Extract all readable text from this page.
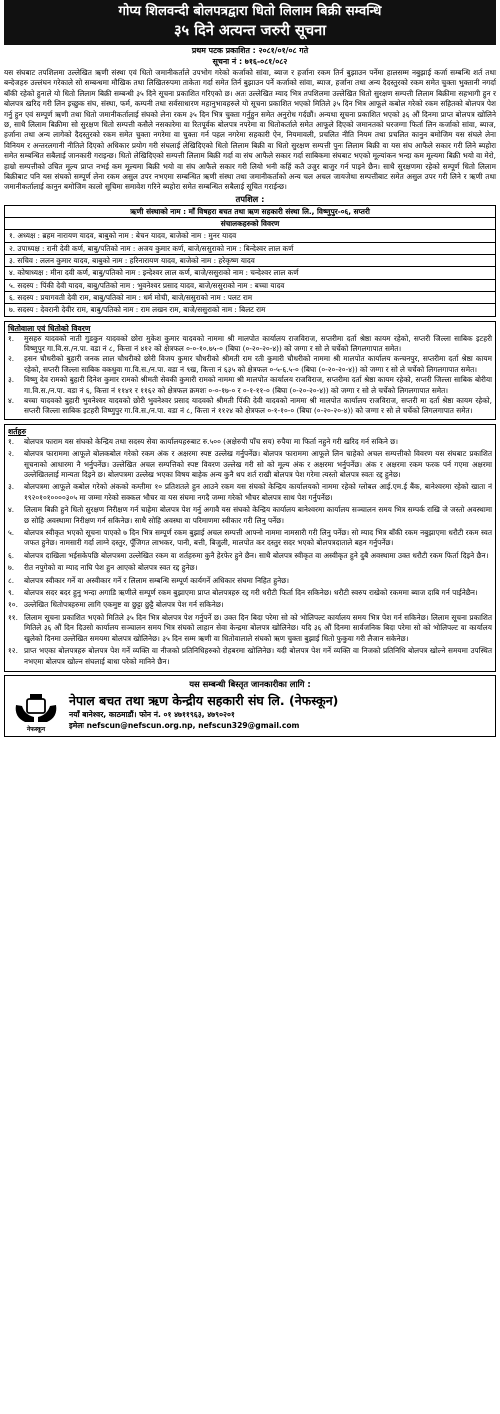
गोप्य शिलवन्दी बोलपत्रद्वारा धितो लिलाम बिक्री सम्वन्धि
३५ दिने अत्यन्त जरुरी सूचना
प्रथम पटक प्रकाशित : २०८१/०१/०८ गते
सूचना नं : ७१६-०८१/०८२

यस संघबाट तपशिलमा उल्लेखित ऋणी संस्था एवं धितो जमानीकर्ताले उपभोग गरेको कर्जाको सांवा, ब्याज र हर्जाना रकम तिर्न बुझाउन पर्नेमा हालसम्म नबुझाई कर्जा सम्बन्धि शर्त तथा बन्देजहरु उल्लंघन गरेकाले सो सम्बन्धमा मौखिक तथा लिखितरुपमा ताकेता गर्दा समेत तिर्न बुझाउन पर्ने कर्जाको सांवा, ब्याज, हर्जाना तथा अन्य दैदस्तुरको रकम समेत चुक्ता भुक्तानी नगर्दा बाँकी रहेको हुनाले यो धितो लिलाम बिक्री सम्बन्धी ३५ दिने सूचना प्रकाशित गरिएको छ। अतः उल्लेखित म्याद भित्र तपशिलमा उल्लेखित धितो सुरक्षण सम्पत्ती लिलाम बिक्रीमा सहभागी हुन र बोलपत्र खरिद गरी लिन इच्छुक संघ, संस्था, फर्म, कम्पनी तथा सर्वसाधारण महानुभावहरुले यो सूचना प्रकाशित भएको मितिले ३५ दिन भित्र आफूले कबोल गरेको रकम सहितको बोलपत्र पेश गर्नु हुन एवं सम्पूर्ण ऋणी तथा धितो जमानीकर्तालाई संघको लेना रकम ३५ दिन भित्र चुक्ता गर्नुहुन समेत अनुरोध गर्दछौं। अन्यथा सूचना प्रकाशित भएको ३६ औं दिनमा प्राप्त बोलपत्र खोलिने छ, साथै लिलाम बिक्रीमा सो सुरक्षण धितो सम्पत्ती कसैले नसकारेमा वा रितपूर्वक बोलपत्र नपरेमा वा धितोकर्ताले समेत आफूले दिएको जमानतको घरजग्गा फिर्ता लिन कर्जाको सांवा, ब्याज, हर्जाना तथा अन्य लागेको दैदस्तुरको रकम समेत चुक्ता नगरेमा वा चुक्ता गर्न पहल नगरेमा सहकारी ऐन, नियमावली, प्रचलित नीति नियम तथा प्रचलित कानुन बमोजिम यस संघले लेना विनियम र अन्तरलगानी नीतिले दिएको अधिकार प्रयोग गरी संघलाई लेखिदिएको धितो लिलाम बिक्री वा धितो सुरक्षण सम्पत्ती पुनः लिलाम बिक्री वा यस संघ आफैले सकार गरी लिने ब्यहोरा समेत सम्बन्धित सबैलाई जानकारी गराइन्छ। धितो लेखिदिएको सम्पत्ती लिलाम बिक्री गर्दा वा संघ आफैले सकार गर्दा साबिकमा संघबाट भएको मूल्यांकन भन्दा कम मूल्यमा बिक्री भयो वा मेरो, हाम्रो सम्पत्तीको उचित मूल्य प्राप्त नभई कम मूल्यमा बिक्री भयो वा संघ आफैले सकार गरी लियो भनी कहिं कतै उजुर बाजुर गर्न पाइने छैन। साथै सुरक्षणमा रहेको सम्पूर्ण धितो लिलाम बिक्रीबाट पनि यस संघको सम्पूर्ण लेना रकम असुल उपर नभएमा सम्बन्धित ऋणी संस्था तथा जमानीकर्ताको अन्य चल अचल जायजेथा सम्पत्तीबाट समेत असुल उपर गरी लिने र ऋणी तथा जमानीकर्तालाई कानुन बमोजिम कालो सूचिमा समावेश गरिने ब्यहोरा समेत सम्बन्धित सबैलाई सूचित गराईन्छ।

तपशिल :
ऋणी संस्थाको नाम : माँ विषहरा बचत तथा ऋण सहकारी संस्था लि., विष्णुपुर-०६, सप्तरी
संचालकहरुको विवरण
१. अध्यक्ष : ब्रहम नारायण यादव, बाबुको नाम : बेचन यादव, बाजेको नाम : मुनर यादव
२. उपाध्यक्ष : रानी देवी कर्ण, बाबु/पतिको नाम : अजय कुमार कर्ण, बाजे/ससुराको नाम : बिन्देश्वर लाल कर्ण
३. सचिव : ललन कुमार यादव, बाबुको नाम : हरिनारायण यादव, बाजेको नाम : हरेकृष्ण यादव
४. कोषाध्यक्ष : मीना दवी कर्ण, बाबु/पतिको नाम : इन्देश्वर लाल कर्ण, बाजे/ससुराको नाम : चन्देश्वर लाल कर्ण
५. सदस्य : पिंकी देवी यादव, बाबु/पतिको नाम : भुवनेश्वर प्रसाद यादव, बाजे/ससुराको नाम : बच्चा यादव
६. सदस्य : प्रयागवती देवी राम, बाबु/पतिको नाम : धर्म मोची, बाजे/ससुराको नाम : पलट राम
७. सदस्य : देवरानी देवीर राम, बाबु/पतिको नाम : राम लखन राम, बाजे/ससुराको नाम : बिलट राम
धितोवाला एवं धितोको विवरण
१.	मुसहरु यादवको नाती गुडकुन यादवको छोरा मुकेश कुमार यादवको नाममा श्री मालपोत कार्यालय राजविराज, सप्तरीमा दर्ता श्रेष्ठा कायम रहेको, सप्तरी जिल्ला साबिक इटहरी विष्णुपुर गा.वि.स./न.पा. वडा नं ८, कित्ता नं ४१२ को क्षेत्रफल ०-०-१०.७५-० (बिघा (०-२०-२०-४)) को जग्गा र सो ले चर्चेको लिगलगापात समेत।
२.	हसन चौधरीको बुहारी जनक लाल चौधरीको छोरी विजय कुमार चौधरीको श्रीमती राम रती कुमारी चौधरीको नाममा श्री मालपोत कार्यालय कन्चनपुर, सप्तरीमा दर्ता श्रेष्ठा कायम रहेको, सप्तरी जिल्ला साबिक वकधुवा गा.वि.स./न.पा. वडा नं ९ख, कित्ता नं ६३५ को क्षेत्रफल ०-५-६.५-० (बिघा (०-२०-२०-४)) को जग्गा र सो ले चर्चेको लिगलगापात समेत।
३.	विष्णु देव रामको बुहारी दिनेश कुमार रामको श्रीमती सेवकी कुमारी रामको नाममा श्री मालपोत कार्यालय राजविराज, सप्तरीमा दर्ता श्रेष्ठा कायम रहेको, सप्तरी जिल्ला साबिक बोरीया गा.वि.स./न.पा. वडा नं ६, कित्ता नं ११४१ र ११६२ को क्षेत्रफल क्रमशः ०-०-१७-० र ०-१-११-० (बिघा (०-२०-२०-४)) को जग्गा र सो ले चर्चेको लिगलगापात समेत।
४.	बच्चा यादवको बुहारी भुवनेश्वर यादवको छोरी भुवनेश्वर प्रसाद यादवको श्रीमती पिंकी देवी यादवको नाममा श्री मालपोत कार्यालय राजविराज, सप्तरी मा दर्ता श्रेष्ठा कायम रहेको, सप्तरी जिल्ला साबिक इटहरी विष्णुपुर गा.वि.स./न.पा. वडा नं ८, कित्ता नं ११२४ को क्षेत्रफल ०-१-१०-० (बिघा (०-२०-२०-४)) को जग्गा र सो ले चर्चेको लिगलगापात समेत।
शर्तहरु
१.	बोलपत्र फाराम यस संघको केन्द्रिय तथा सदस्य सेवा कार्यालयहरुबाट रु.५०० (अक्षेरुपी पाँच सय) रुपैया मा फिर्ता नहुने गरी खरिद गर्न सकिने छ।
२.	बोलपत्र फाराममा आफूले बोलकबोल गरेको रकम अंक र अक्षरमा स्पष्ट उल्लेख गर्नुपर्नेछ। बोलपत्र फाराममा आफूले लिन चाहेको अचल सम्पत्तीको विवरण यस संघबाट प्रकाशित सूचनाको आधारमा नै भर्नुपर्नेछ। उल्लेखित अचल सम्पत्तिको स्पष्ट विवरण उल्लेख गरी सो को मूल्य अंक र अक्षरमा भर्नुपर्नेछ। अंक र अक्षरमा रकम फरक पर्न गएमा अक्षरमा उल्लेखितलाई मान्यता दिइने छ। बोलपत्रमा उल्लेख भएका विषय बाहेक अन्य कुनै थप शर्त राखी बोलपत्र पेश गरेमा त्यस्तो बोलपत्र स्वतः रद्द हुनेछ।
३.	बोलपत्रमा आफूले कबोल गरेको अंकको कम्तीमा १० प्रतिशतले हुन आउने रकम यस संघको केन्द्रिय कार्यालयको नाममा रहेको ग्लोबल आई.एम.ई बैंक, बानेश्वरमा रहेको खाता नं १९२०१०१००००३०५ मा जम्मा गरेको सक्कल भौचर वा यस संघमा नगदै जम्मा गरेको भौचर बोलपत्र साथ पेश गर्नुपर्नेछ।
४.	लिलाम बिक्री हुने धितो सुरक्षण निरीक्षण गर्न चाहेमा बोलपत्र पेश गर्नु अगावै यस संघको केन्द्रिय कार्यालय बानेश्वरमा कार्यालय सञ्चालन समय भित्र सम्पर्क राखि जे जस्तो अवस्थामा छ सोहि अवस्थामा निरीक्षण गर्न सकिनेछ। साथै सोहि अवस्था वा परिमाणमा स्वीकार गरी लिनु पर्नेछ।
५.	बोलपत्र स्वीकृत भएको सूचना पाएको ७ दिन भित्र सम्पूर्ण रकम बुझाई अचल सम्पत्ती आफ्नो नाममा नामसारी गरी लिनु पर्नेछ। सो म्याद भित्र बाँकी रकम नबुझाएमा धरौटी रकम स्वत जफत हुनेछ। नामसारी गर्दा लाग्ने दस्तुर, पूँजिगत लाभकर, पानी, बत्ती, बिजुली, मालपोत कर दस्तुर सदर भएको बोलपत्रदाताले बहन गर्नुपर्नेछ।
६.	बोलपत्र दाखिला भईसकेपछि बोलपत्रमा उल्लेखित रकम वा शर्तहरुमा कुनै हेरफेर हुने छैन। साथै बोलपत्र स्वीकृत वा अस्वीकृत हुने दुबै अवस्थामा उक्त धरौटी रकम फिर्ता दिइने छैन।
७.	रीत नपुगेको वा म्याद नाघि पेश हुन आएको बोलपत्र स्वत रद्द हुनेछ।
८.	बोलपत्र स्वीकार गर्ने वा अस्वीकार गर्ने र लिलाम सम्बन्धि सम्पूर्ण कार्यगर्ने अधिकार संघमा निहित हुनेछ।
९.	बोलपत्र सदर बदर हुनु भन्दा अगाडि ऋणीले सम्पूर्ण रकम बुझाएमा प्राप्त बोलपत्रहरु रद्द गरी धरौटी फिर्ता दिन सकिनेछ। धरौटी स्वरुप राखेको रकममा ब्याज दाबि गर्न पाईनेछैन।
१०. उल्लेखित धितोपत्रहरुमा लागि एकमुष्ट वा छुट्टा छुट्टै बोलपत्र पेश गर्न सकिनेछ।
११. लिलाम सूचना प्रकाशित भएको मितिले ३५ दिन भित्र बोलपत्र पेश गर्नुपर्ने छ। उक्त दिन बिदा परेमा सो को भोलिपल्ट कार्यालय समय भित्र पेश गर्न सकिनेछ। लिलाम सूचना प्रकाशित मितिले ३६ औं दिन दिउसो कार्यालय सञ्चालन समय भित्र संघको लाहान सेवा केन्द्रमा बोलपत्र खोलिनेछ। यदि ३६ औं दिनमा सार्वजनिक बिदा परेमा सो को भोलिपल्ट वा कार्यालय खुलेको दिनमा उल्लेखित समयमा बोलपत्र खोलिनेछ। ३५ दिन सम्म ऋणी वा धितोवालाले संघको ऋण चुक्ता बुझाई धितो फुकुवा गरी लैजान सकेनेछ।
१२. प्राप्त भएका बोलपत्रहरु बोलपत्र पेश गर्ने व्यक्ति वा नीजको प्रतिनिधिहरुको रोहबरमा खोलिनेछ। यदी बोलपत्र पेश गर्ने व्यक्ति वा निजको प्रतिनिधि बोलपत्र खोल्ने समयमा उपस्थित नभएमा बोलपत्र खोल्न संघलाई बाधा परेको मानिने छैन।
यस सम्बन्धी बिस्तृत जानकारीका लागि :
नेफस्कून
नेपाल बचत तथा ऋण केन्द्रीय सहकारी संघ लि. (नेफस्कून)
नयाँ बानेश्वर, काठमाडौं। फोन नं. ०१ ४७११९६३, ४७९०२०१
इमेलः nefscun@nefscun.org.np, nefscun329@gmail.com
